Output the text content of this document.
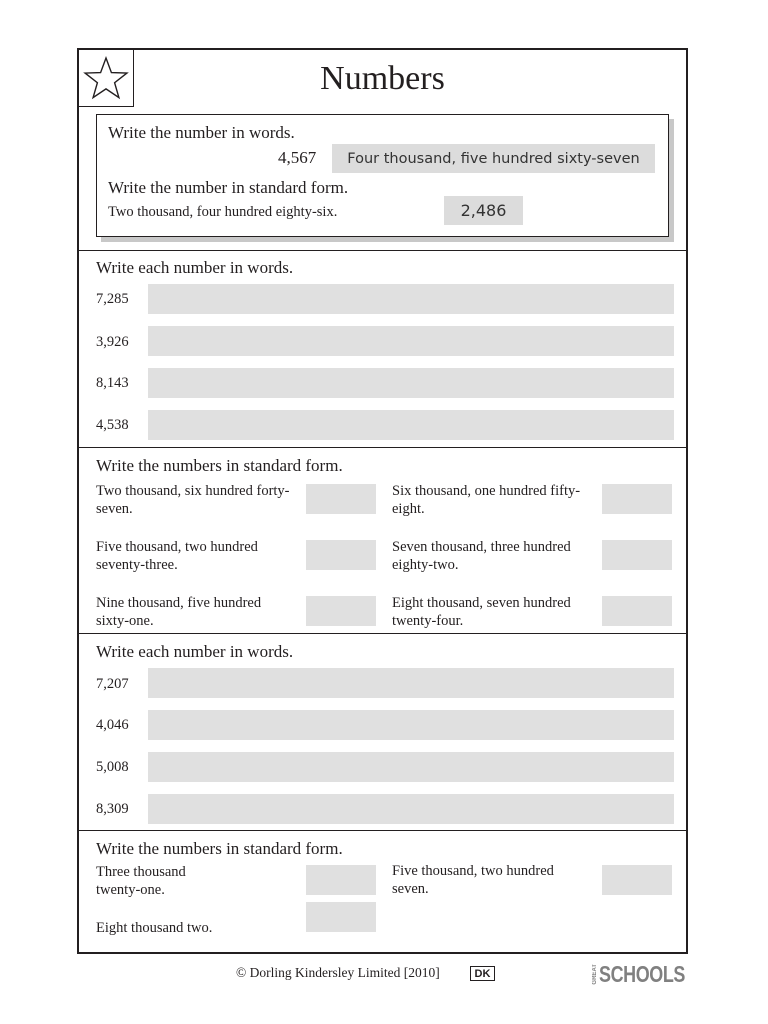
Numbers
Write the number in words.
4,567	Four thousand, five hundred sixty-seven
Write the number in standard form.
Two thousand, four hundred eighty-six.	2,486
Write each number in words.
7,285
3,926
8,143
4,538
Write the numbers in standard form.
Two thousand, six hundred forty-seven.
Six thousand, one hundred fifty-eight.
Five thousand, two hundred seventy-three.
Seven thousand, three hundred eighty-two.
Nine thousand, five hundred sixty-one.
Eight thousand, seven hundred twenty-four.
Write each number in words.
7,207
4,046
5,008
8,309
Write the numbers in standard form.
Three thousand twenty-one.
Five thousand, two hundred seven.
Eight thousand two.
© Dorling Kindersley Limited [2010]	DK	GREAT SCHOOLS
